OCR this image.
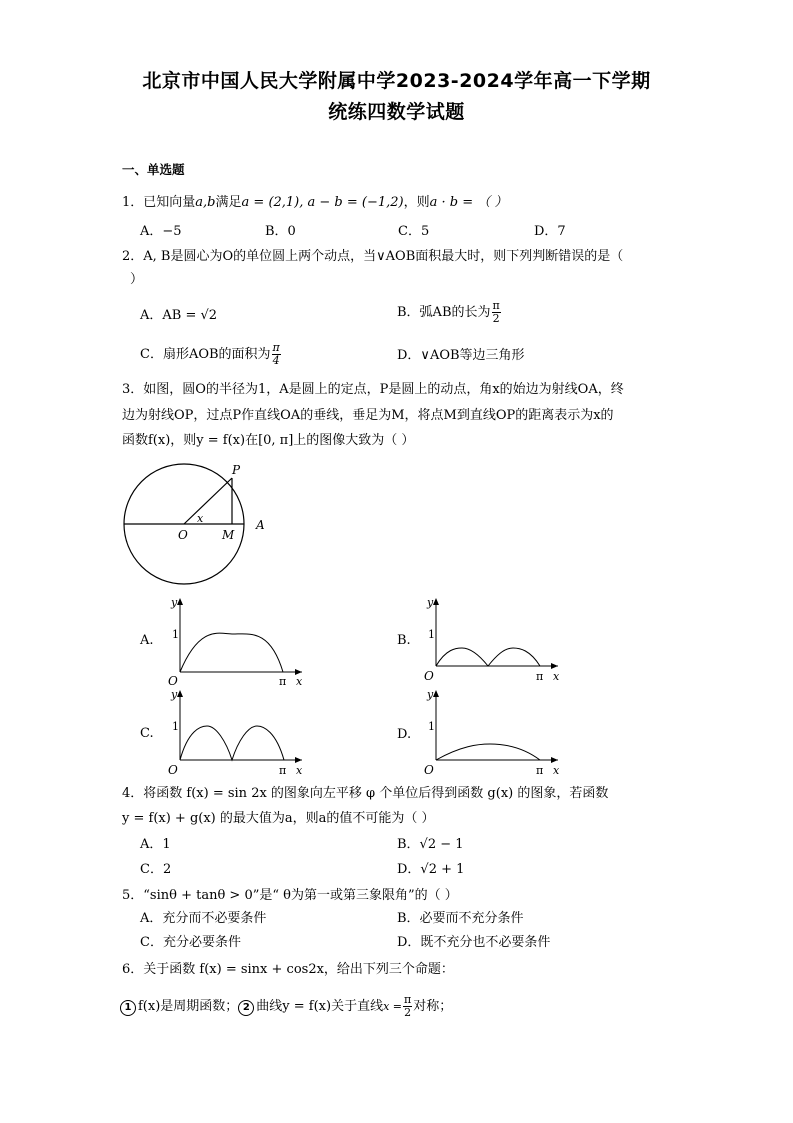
北京市中国人民大学附属中学2023-2024学年高一下学期
统练四数学试题
一、单选题
1．已知向量a,b满足a = (2,1), a − b = (−1,2)，则a · b = （ ）
A．−5	B．0	C．5	D．7
2．A, B是圆心为O的单位圆上两个动点，当∨AOB面积最大时，则下列判断错误的是（
）
A．AB = √2	B．弧AB的长为 $\frac{\pi}{2}$
C．扇形AOB的面积为 $\frac{\pi}{4}$	D．∨AOB等边三角形
3．如图，圆O的半径为1，A是圆上的定点，P是圆上的动点，角x的始边为射线OA，终
边为射线OP，过点P作直线OA的垂线，垂足为M，将点M到直线OP的距离表示为x的
函数f(x)，则y = f(x)在[0, π]上的图像大致为（ ）
P
x
O	M
A
A.
y
1
O	π x
B.
y
1
O	π x
C.
y
1
O	π x
D.
y
1
O	π x
4．将函数 f(x) = sin 2x 的图象向左平移 φ 个单位后得到函数 g(x) 的图象，若函数
y = f(x) + g(x) 的最大值为a，则a的值不可能为（ ）
A．1	B．√2 − 1
C．2	D．√2 + 1
5．“sinθ + tanθ > 0”是“ θ为第一或第三象限角”的（ ）
A．充分而不必要条件	B．必要而不充分条件
C．充分必要条件	D．既不充分也不必要条件
6．关于函数 f(x) = sinx + cos2x，给出下列三个命题：
1 f(x)是周期函数； 2 曲线y = f(x)关于直线$x = \frac{\pi}{2}$ 对称；
